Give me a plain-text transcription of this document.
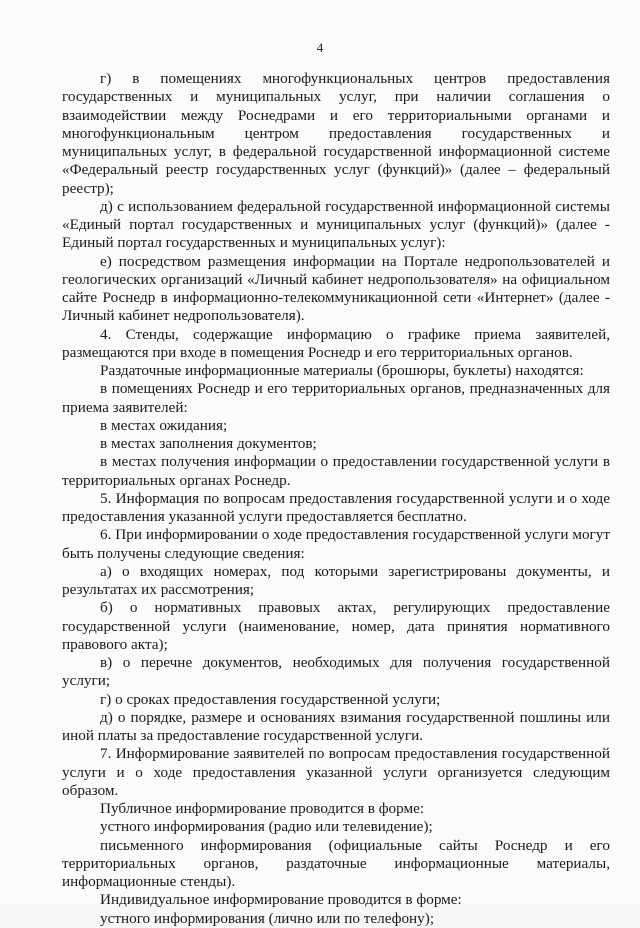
4

г) в помещениях многофункциональных центров предоставления государственных и муниципальных услуг, при наличии соглашения о взаимодействии между Роснедрами и его территориальными органами и многофункциональным центром предоставления государственных и муниципальных услуг, в федеральной государственной информационной системе «Федеральный реестр государственных услуг (функций)» (далее – федеральный реестр);

д) с использованием федеральной государственной информационной системы «Единый портал государственных и муниципальных услуг (функций)» (далее - Единый портал государственных и муниципальных услуг):

е) посредством размещения информации на Портале недропользователей и геологических организаций «Личный кабинет недропользователя» на официальном сайте Роснедр в информационно-телекоммуникационной сети «Интернет» (далее - Личный кабинет недропользователя).

4. Стенды, содержащие информацию о графике приема заявителей, размещаются при входе в помещения Роснедр и его территориальных органов.

Раздаточные информационные материалы (брошюры, буклеты) находятся:

в помещениях Роснедр и его территориальных органов, предназначенных для приема заявителей:

в местах ожидания;

в местах заполнения документов;

в местах получения информации о предоставлении государственной услуги в территориальных органах Роснедр.

5. Информация по вопросам предоставления государственной услуги и о ходе предоставления указанной услуги предоставляется бесплатно.

6. При информировании о ходе предоставления государственной услуги могут быть получены следующие сведения:

а) о входящих номерах, под которыми зарегистрированы документы, и результатах их рассмотрения;

б) о нормативных правовых актах, регулирующих предоставление государственной услуги (наименование, номер, дата принятия нормативного правового акта);

в) о перечне документов, необходимых для получения государственной услуги;

г) о сроках предоставления государственной услуги;

д) о порядке, размере и основаниях взимания государственной пошлины или иной платы за предоставление государственной услуги.

7. Информирование заявителей по вопросам предоставления государственной услуги и о ходе предоставления указанной услуги организуется следующим образом.

Публичное информирование проводится в форме:

устного информирования (радио или телевидение);

письменного информирования (официальные сайты Роснедр и его территориальных органов, раздаточные информационные материалы, информационные стенды).

Индивидуальное информирование проводится в форме:

устного информирования (лично или по телефону);
